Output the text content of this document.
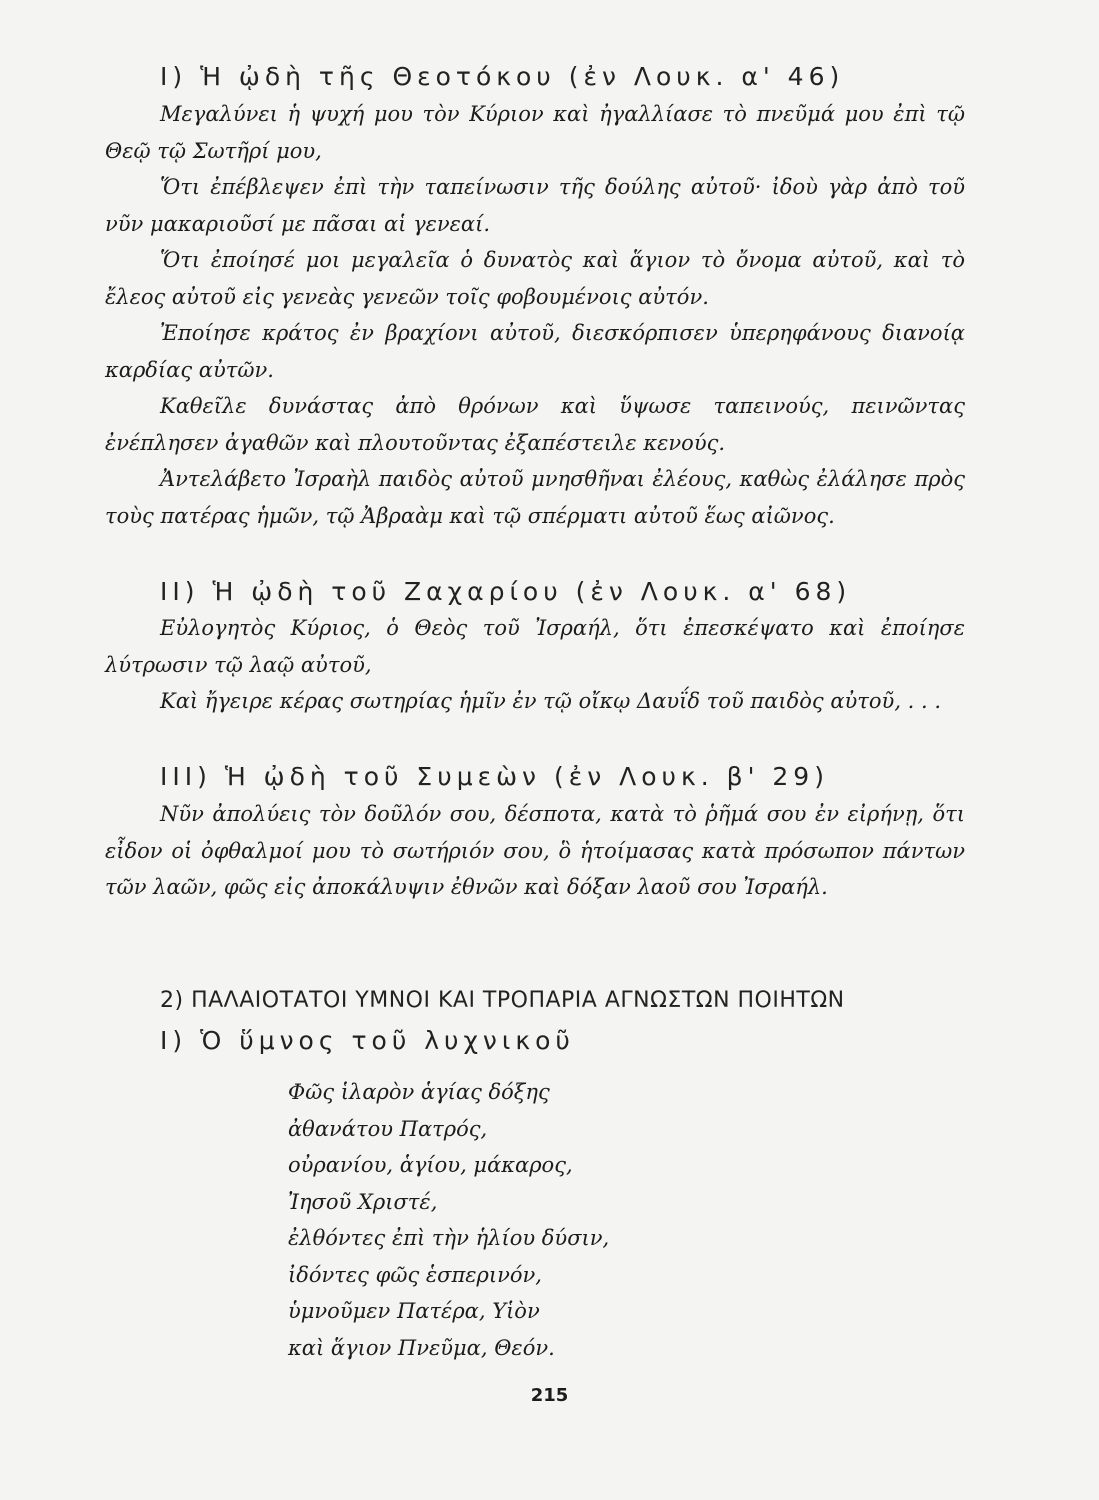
I) Ἡ ᾠδὴ τῆς Θεοτόκου (ἐν Λουκ. α' 46)

Μεγαλύνει ἡ ψυχή μου τὸν Κύριον καὶ ἠγαλλίασε τὸ πνεῦμά μου ἐπὶ τῷ Θεῷ τῷ Σωτῆρί μου,

Ὅτι ἐπέβλεψεν ἐπὶ τὴν ταπείνωσιν τῆς δούλης αὐτοῦ· ἰδοὺ γὰρ ἀπὸ τοῦ νῦν μακαριοῦσί με πᾶσαι αἱ γενεαί.

Ὅτι ἐποίησέ μοι μεγαλεῖα ὁ δυνατὸς καὶ ἅγιον τὸ ὄνομα αὐτοῦ, καὶ τὸ ἔλεος αὐτοῦ εἰς γενεὰς γενεῶν τοῖς φοβουμένοις αὐτόν.

Ἐποίησε κράτος ἐν βραχίονι αὐτοῦ, διεσκόρπισεν ὑπερηφάνους διανοίᾳ καρδίας αὐτῶν.

Καθεῖλε δυνάστας ἀπὸ θρόνων καὶ ὕψωσε ταπεινούς, πεινῶντας ἐνέπλησεν ἀγαθῶν καὶ πλουτοῦντας ἐξαπέστειλε κενούς.

Ἀντελάβετο Ἰσραὴλ παιδὸς αὐτοῦ μνησθῆναι ἐλέους, καθὼς ἐλάλησε πρὸς τοὺς πατέρας ἡμῶν, τῷ Ἀβραὰμ καὶ τῷ σπέρματι αὐτοῦ ἕως αἰῶνος.

II) Ἡ ᾠδὴ τοῦ Ζαχαρίου (ἐν Λουκ. α' 68)

Εὐλογητὸς Κύριος, ὁ Θεὸς τοῦ Ἰσραήλ, ὅτι ἐπεσκέψατο καὶ ἐποίησε λύτρωσιν τῷ λαῷ αὐτοῦ,

Καὶ ἤγειρε κέρας σωτηρίας ἡμῖν ἐν τῷ οἴκῳ Δαυΐδ τοῦ παιδὸς αὐτοῦ, . . .

III) Ἡ ᾠδὴ τοῦ Συμεὼν (ἐν Λουκ. β' 29)

Νῦν ἀπολύεις τὸν δοῦλόν σου, δέσποτα, κατὰ τὸ ῥῆμά σου ἐν εἰρήνῃ, ὅτι εἶδον οἱ ὀφθαλμοί μου τὸ σωτήριόν σου, ὃ ἡτοίμασας κατὰ πρόσωπον πάντων τῶν λαῶν, φῶς εἰς ἀποκάλυψιν ἐθνῶν καὶ δόξαν λαοῦ σου Ἰσραήλ.

2) ΠΑΛΑΙΟΤΑΤΟΙ ΥΜΝΟΙ ΚΑΙ ΤΡΟΠΑΡΙΑ ΑΓΝΩΣΤΩΝ ΠΟΙΗΤΩΝ
I) Ὁ ὕμνος τοῦ λυχνικοῦ
Φῶς ἱλαρὸν ἁγίας δόξης
ἀθανάτου Πατρός,
οὐρανίου, ἁγίου, μάκαρος,
Ἰησοῦ Χριστέ,
ἐλθόντες ἐπὶ τὴν ἡλίου δύσιν,
ἰδόντες φῶς ἑσπερινόν,
ὑμνοῦμεν Πατέρα, Υἱὸν
καὶ ἅγιον Πνεῦμα, Θεόν.
215
